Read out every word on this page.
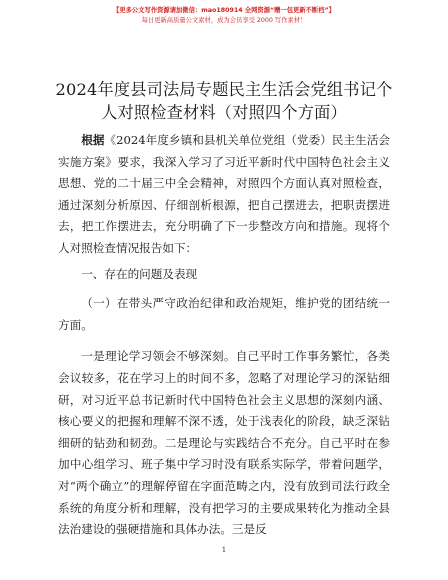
【更多公文写作资源请加微信：mao180914 全网资源“赠一包更新不断档”】
每日更新高质量公文素材，成为会员享受 2000 写作素材！
2024年度县司法局专题民主生活会党组书记个人对照检查材料（对照四个方面）

根据《2024年度乡镇和县机关单位党组（党委）民主生活会实施方案》要求，我深入学习了习近平新时代中国特色社会主义思想、党的二十届三中全会精神，对照四个方面认真对照检查，通过深刻分析原因、仔细剖析根源，把自己摆进去，把职责摆进去，把工作摆进去，充分明确了下一步整改方向和措施。现将个人对照检查情况报告如下：

一、存在的问题及表现

（一）在带头严守政治纪律和政治规矩，维护党的团结统一方面。

一是理论学习领会不够深刻。自己平时工作事务繁忙，各类会议较多，花在学习上的时间不多，忽略了对理论学习的深钻细研，对习近平总书记新时代中国特色社会主义思想的深刻内涵、核心要义的把握和理解不深不透，处于浅表化的阶段，缺乏深钻细研的钻劲和韧劲。二是理论与实践结合不充分。自己平时在参加中心组学习、班子集中学习时没有联系实际学，带着问题学，对“两个确立”的理解停留在字面范畴之内，没有放到司法行政全系统的角度分析和理解，没有把学习的主要成果转化为推动全县法治建设的强硬措施和具体办法。三是反

1
